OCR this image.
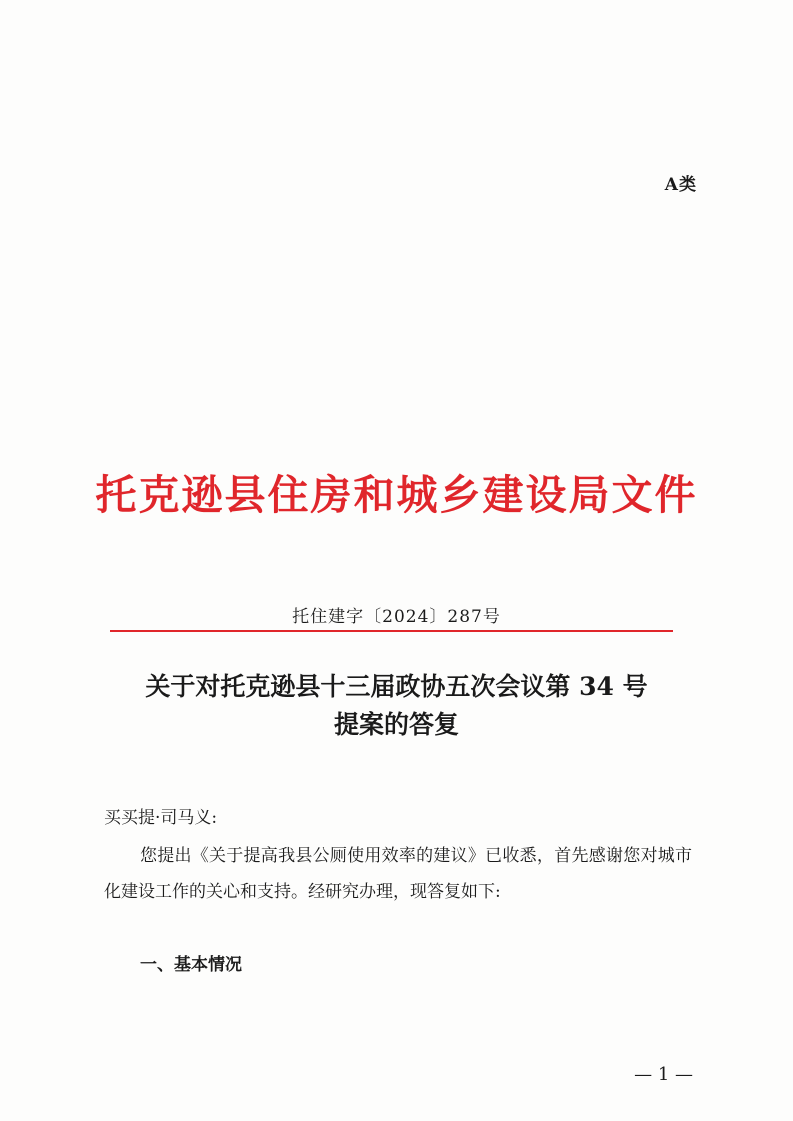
A类
托克逊县住房和城乡建设局文件
托住建字〔2024〕287号
关于对托克逊县十三届政协五次会议第 34 号
提案的答复
买买提·司马义:
您提出《关于提高我县公厕使用效率的建议》已收悉，首先感谢您对城市化建设工作的关心和支持。经研究办理，现答复如下:
一、基本情况
— 1 —
